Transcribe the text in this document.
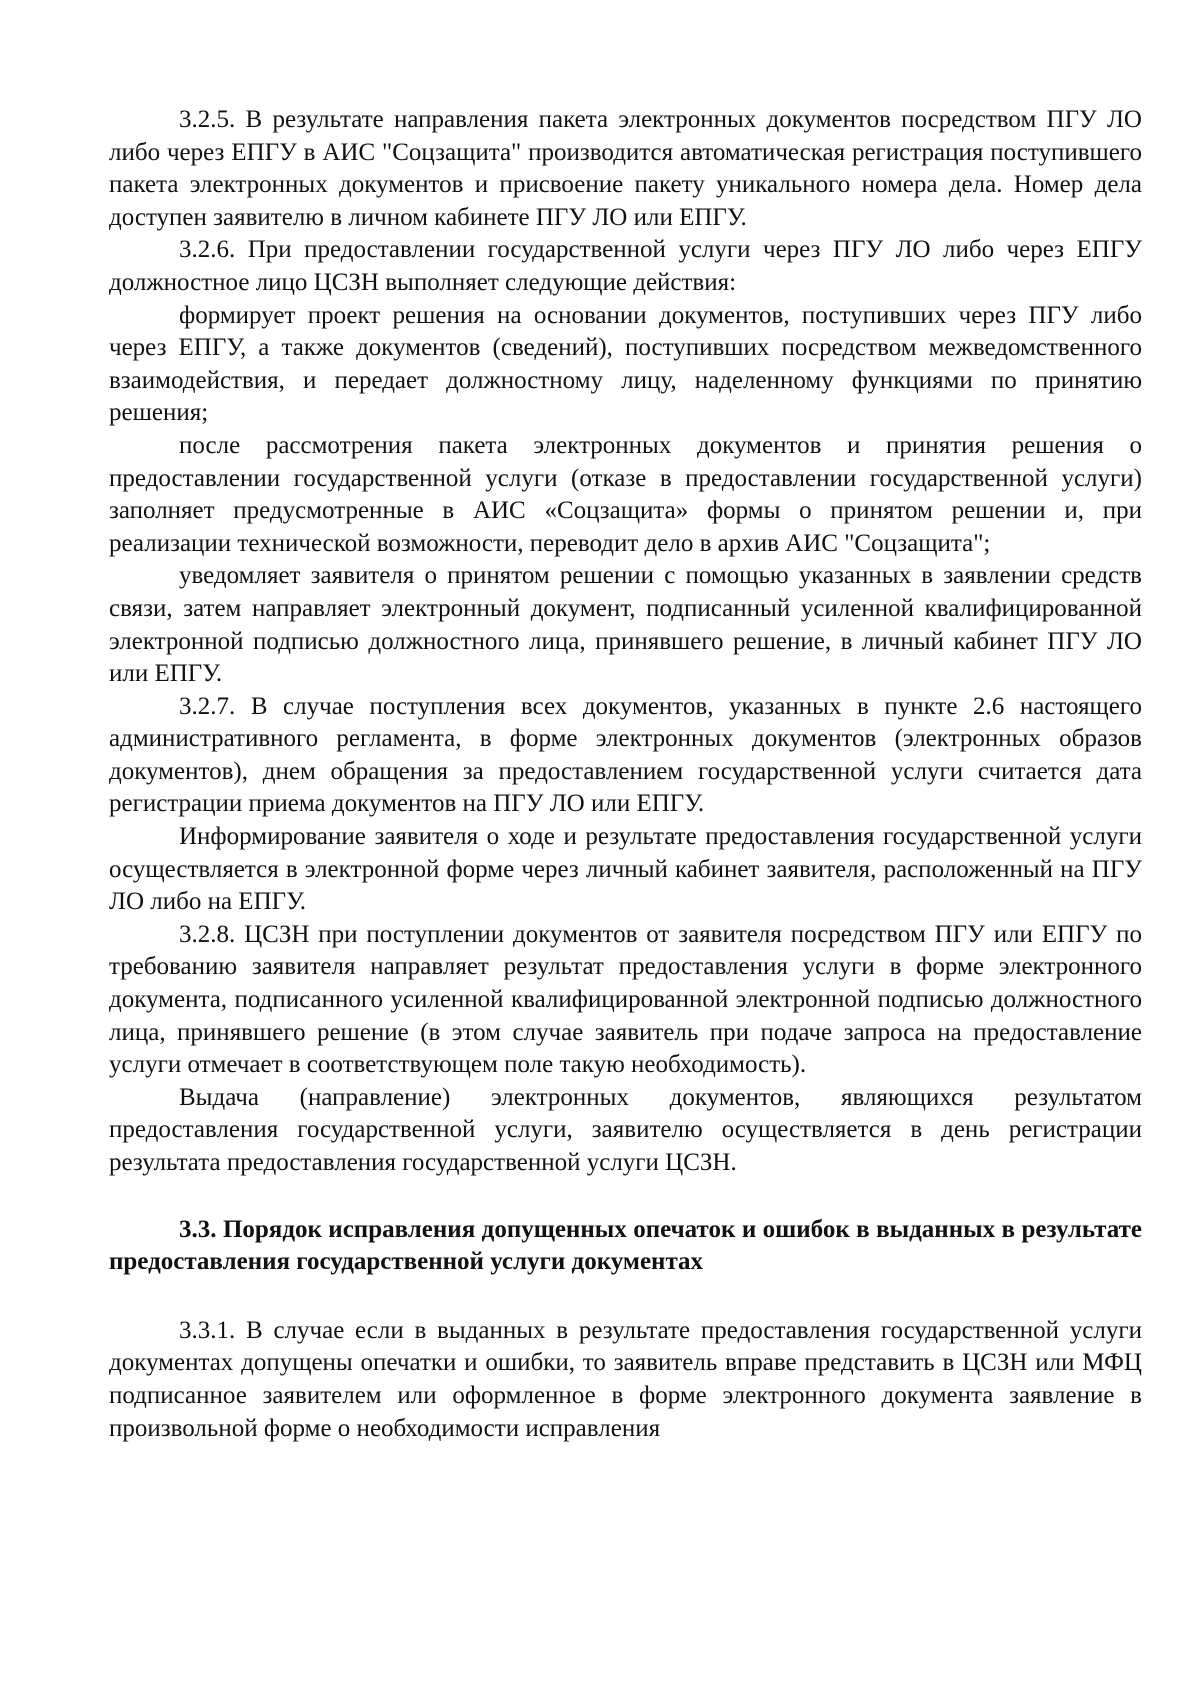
3.2.5. В результате направления пакета электронных документов посредством ПГУ ЛО либо через ЕПГУ в АИС "Соцзащита" производится автоматическая регистрация поступившего пакета электронных документов и присвоение пакету уникального номера дела. Номер дела доступен заявителю в личном кабинете ПГУ ЛО или ЕПГУ.

3.2.6. При предоставлении государственной услуги через ПГУ ЛО либо через ЕПГУ должностное лицо ЦСЗН выполняет следующие действия:

формирует проект решения на основании документов, поступивших через ПГУ либо через ЕПГУ, а также документов (сведений), поступивших посредством межведомственного взаимодействия, и передает должностному лицу, наделенному функциями по принятию решения;

после рассмотрения пакета электронных документов и принятия решения о предоставлении государственной услуги (отказе в предоставлении государственной услуги) заполняет предусмотренные в АИС «Соцзащита» формы о принятом решении и, при реализации технической возможности, переводит дело в архив АИС "Соцзащита";

уведомляет заявителя о принятом решении с помощью указанных в заявлении средств связи, затем направляет электронный документ, подписанный усиленной квалифицированной электронной подписью должностного лица, принявшего решение, в личный кабинет ПГУ ЛО или ЕПГУ.

3.2.7. В случае поступления всех документов, указанных в пункте 2.6 настоящего административного регламента, в форме электронных документов (электронных образов документов), днем обращения за предоставлением государственной услуги считается дата регистрации приема документов на ПГУ ЛО или ЕПГУ.

Информирование заявителя о ходе и результате предоставления государственной услуги осуществляется в электронной форме через личный кабинет заявителя, расположенный на ПГУ ЛО либо на ЕПГУ.

3.2.8. ЦСЗН при поступлении документов от заявителя посредством ПГУ или ЕПГУ по требованию заявителя направляет результат предоставления услуги в форме электронного документа, подписанного усиленной квалифицированной электронной подписью должностного лица, принявшего решение (в этом случае заявитель при подаче запроса на предоставление услуги отмечает в соответствующем поле такую необходимость).

Выдача (направление) электронных документов, являющихся результатом предоставления государственной услуги, заявителю осуществляется в день регистрации результата предоставления государственной услуги ЦСЗН.

3.3. Порядок исправления допущенных опечаток и ошибок в выданных в результате предоставления государственной услуги документах

3.3.1. В случае если в выданных в результате предоставления государственной услуги документах допущены опечатки и ошибки, то заявитель вправе представить в ЦСЗН или МФЦ подписанное заявителем или оформленное в форме электронного документа заявление в произвольной форме о необходимости исправления
